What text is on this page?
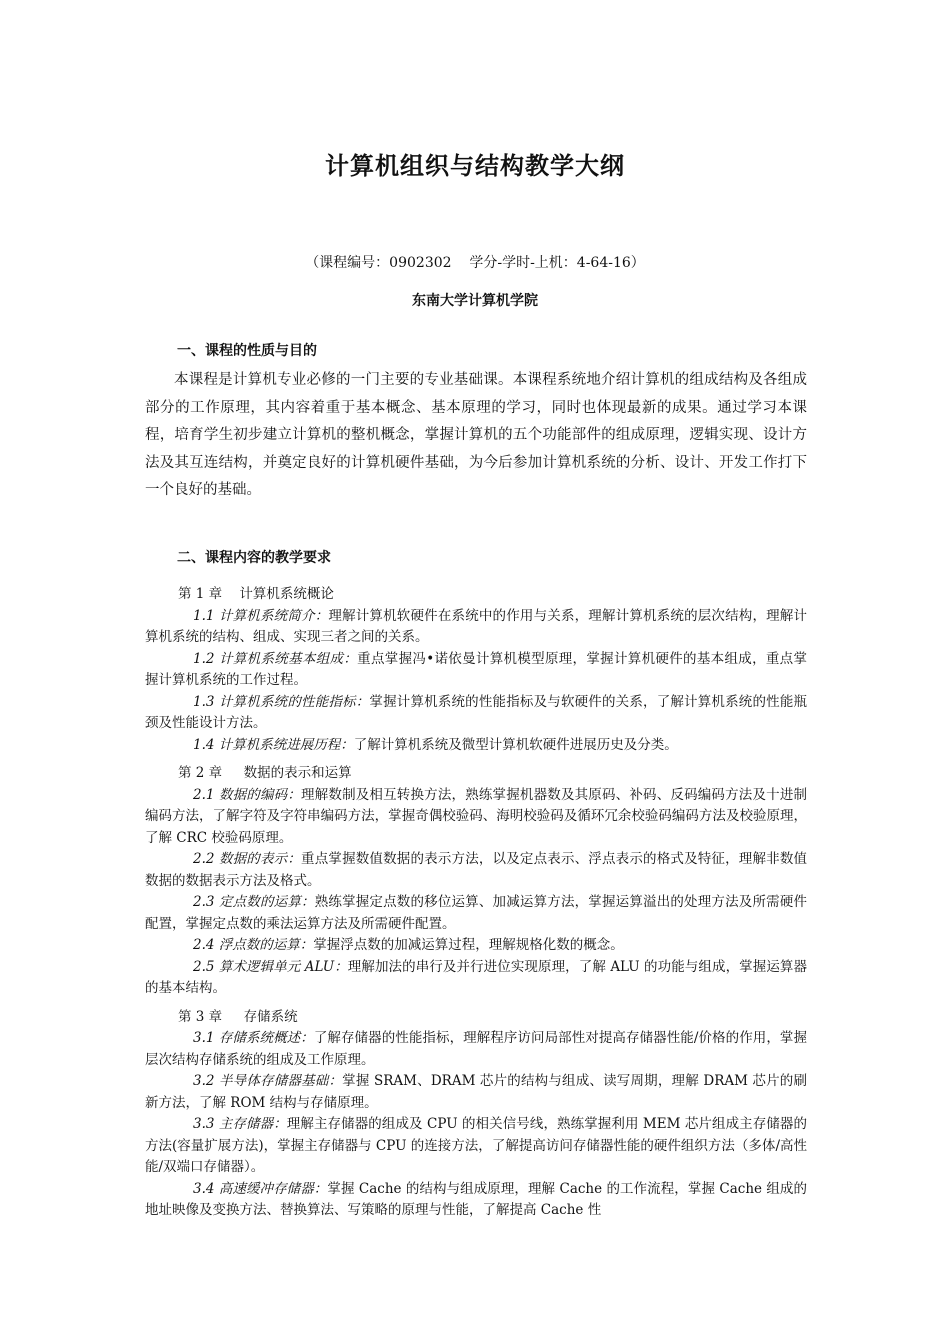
计算机组织与结构教学大纲
（课程编号：0902302    学分-学时-上机：4-64-16）
东南大学计算机学院
一、课程的性质与目的

本课程是计算机专业必修的一门主要的专业基础课。本课程系统地介绍计算机的组成结构及各组成部分的工作原理，其内容着重于基本概念、基本原理的学习，同时也体现最新的成果。通过学习本课程，培育学生初步建立计算机的整机概念，掌握计算机的五个功能部件的组成原理，逻辑实现、设计方法及其互连结构，并奠定良好的计算机硬件基础，为今后参加计算机系统的分析、设计、开发工作打下一个良好的基础。

二、课程内容的教学要求

第 1 章    计算机系统概论

1.1 计算机系统简介：理解计算机软硬件在系统中的作用与关系，理解计算机系统的层次结构，理解计算机系统的结构、组成、实现三者之间的关系。

1.2 计算机系统基本组成：重点掌握冯•诺依曼计算机模型原理，掌握计算机硬件的基本组成，重点掌握计算机系统的工作过程。

1.3 计算机系统的性能指标：掌握计算机系统的性能指标及与软硬件的关系，了解计算机系统的性能瓶颈及性能设计方法。

1.4 计算机系统进展历程：了解计算机系统及微型计算机软硬件进展历史及分类。

第 2 章     数据的表示和运算

2.1 数据的编码：理解数制及相互转换方法，熟练掌握机器数及其原码、补码、反码编码方法及十进制编码方法，了解字符及字符串编码方法，掌握奇偶校验码、海明校验码及循环冗余校验码编码方法及校验原理，了解 CRC 校验码原理。

2.2 数据的表示：重点掌握数值数据的表示方法，以及定点表示、浮点表示的格式及特征，理解非数值数据的数据表示方法及格式。

2.3 定点数的运算：熟练掌握定点数的移位运算、加减运算方法，掌握运算溢出的处理方法及所需硬件配置，掌握定点数的乘法运算方法及所需硬件配置。

2.4 浮点数的运算：掌握浮点数的加减运算过程，理解规格化数的概念。

2.5 算术逻辑单元 ALU：理解加法的串行及并行进位实现原理，了解 ALU 的功能与组成，掌握运算器的基本结构。

第 3 章     存储系统

3.1 存储系统概述：了解存储器的性能指标，理解程序访问局部性对提高存储器性能/价格的作用，掌握层次结构存储系统的组成及工作原理。

3.2 半导体存储器基础：掌握 SRAM、DRAM 芯片的结构与组成、读写周期，理解 DRAM 芯片的刷新方法，了解 ROM 结构与存储原理。

3.3 主存储器：理解主存储器的组成及 CPU 的相关信号线，熟练掌握利用 MEM 芯片组成主存储器的方法(容量扩展方法)，掌握主存储器与 CPU 的连接方法，了解提高访问存储器性能的硬件组织方法（多体/高性能/双端口存储器）。

3.4 高速缓冲存储器：掌握 Cache 的结构与组成原理，理解 Cache 的工作流程，掌握 Cache 组成的地址映像及变换方法、替换算法、写策略的原理与性能，了解提高 Cache 性
